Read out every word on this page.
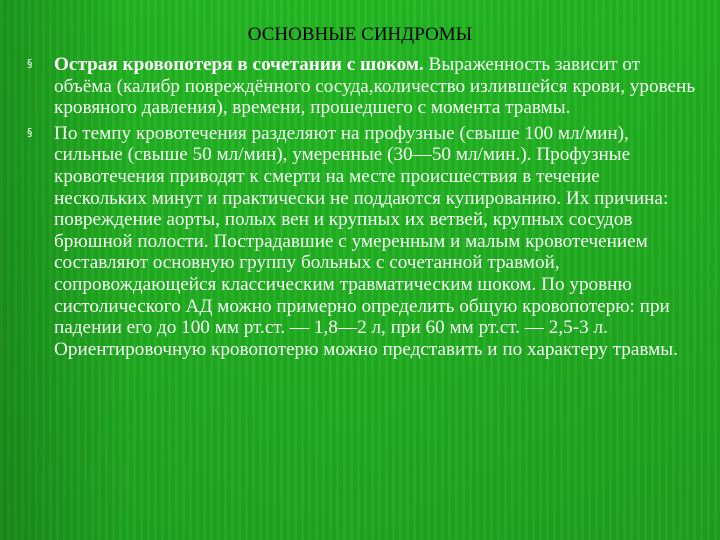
ОСНОВНЫЕ СИНДРОМЫ
§ Острая кровопотеря в сочетании с шоком. Выраженность зависит от объёма (калибр повреждённого сосуда,количество излившейся крови, уровень кровяного давления), времени, прошедшего с момента травмы.
§ По темпу кровотечения разделяют на профузные (свыше 100 мл/мин), сильные (свыше 50 мл/мин), умеренные (30—50 мл/мин.). Профузные кровотечения приводят к смерти на месте происшествия в течение нескольких минут и практически не поддаются купированию. Их причина: повреждение аорты, полых вен и крупных их ветвей, крупных сосудов брюшной полости. Пострадавшие с умеренным и малым кровотечением составляют основную группу больных с сочетанной травмой, сопровождающейся классическим травматическим шоком. По уровню систолического АД можно примерно определить общую кровопотерю: при падении его до 100 мм рт.ст. — 1,8—2 л, при 60 мм рт.ст. — 2,5-3 л. Ориентировочную кровопотерю можно представить и по характеру травмы.
